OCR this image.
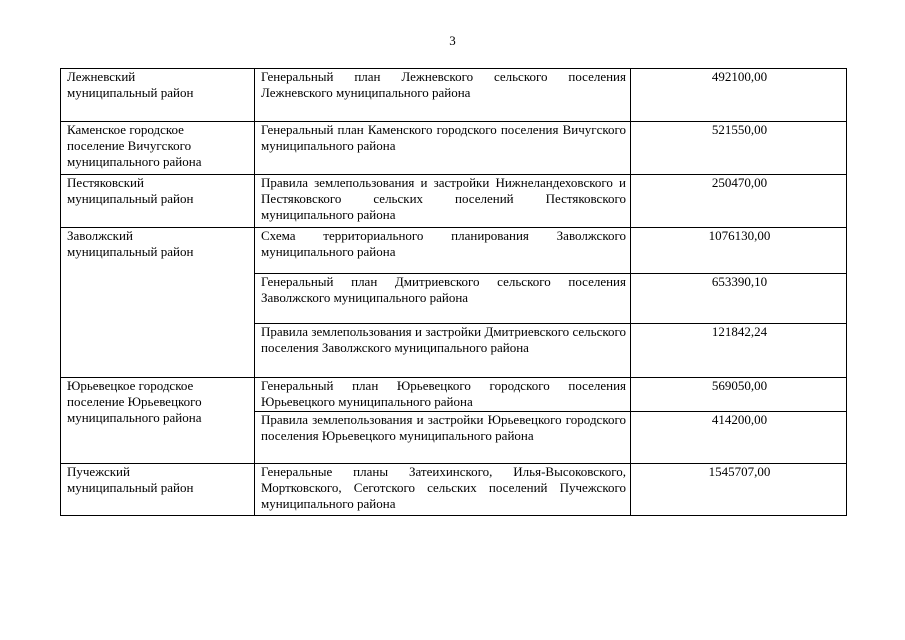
3
Лежневский
муниципальный район	Генеральный план Лежневского сельского поселения Лежневского муниципального района	492100,00

Каменское городское
поселение Вичугского
муниципального района	Генеральный план Каменского городского поселения Вичугского муниципального района	521550,00

Пестяковский
муниципальный район	Правила землепользования и застройки Нижнеландеховского и Пестяковского сельских поселений Пестяковского муниципального района	250470,00

Заволжский
муниципальный район	Схема территориального планирования Заволжского муниципального района	1076130,00

	Генеральный план Дмитриевского сельского поселения Заволжского муниципального района	653390,10

	Правила землепользования и застройки Дмитриевского сельского поселения Заволжского муниципального района	121842,24

Юрьевецкое городское
поселение Юрьевецкого
муниципального района	Генеральный план Юрьевецкого городского поселения Юрьевецкого муниципального района	569050,00

	Правила землепользования и застройки Юрьевецкого городского поселения Юрьевецкого муниципального района	414200,00

Пучежский
муниципальный район	Генеральные планы Затеихинского, Илья-Высоковского, Мортковского, Сеготского сельских поселений Пучежского муниципального района	1545707,00
